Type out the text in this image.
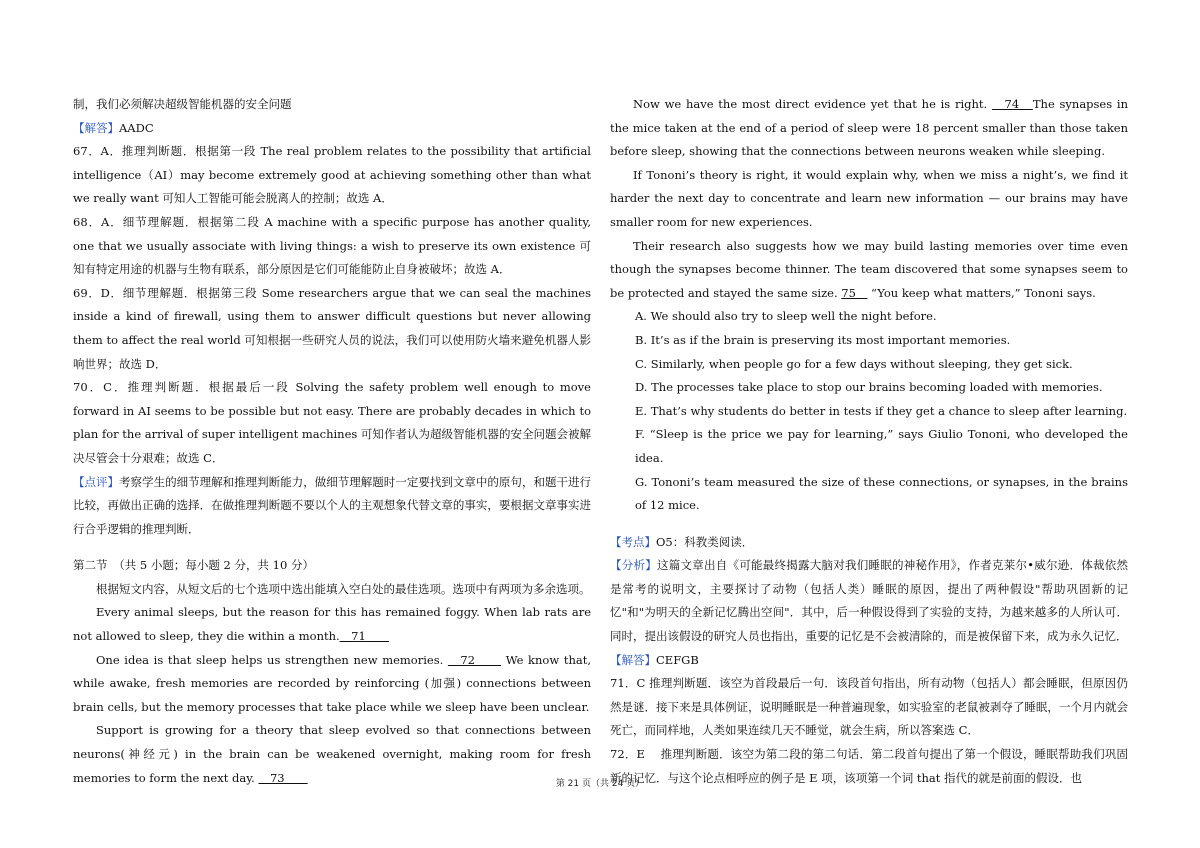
制，我们必须解决超级智能机器的安全问题

【解答】AADC

67．A．推理判断题．根据第一段 The real problem relates to the possibility that artificial intelligence（AI）may become extremely good at achieving something other than what we really want 可知人工智能可能会脱离人的控制；故选 A．

68．A．细节理解题．根据第二段 A machine with a specific purpose has another quality, one that we usually associate with living things: a wish to preserve its own existence 可知有特定用途的机器与生物有联系，部分原因是它们可能能防止自身被破坏；故选 A．

69．D．细节理解题．根据第三段 Some researchers argue that we can seal the machines inside a kind of firewall, using them to answer difficult questions but never allowing them to affect the real world 可知根据一些研究人员的说法，我们可以使用防火墙来避免机器人影响世界；故选 D．

70．C．推理判断题．根据最后一段 Solving the safety problem well enough to move forward in AI seems to be possible but not easy. There are probably decades in which to plan for the arrival of super intelligent machines 可知作者认为超级智能机器的安全问题会被解决尽管会十分艰难；故选 C．

【点评】考察学生的细节理解和推理判断能力，做细节理解题时一定要找到文章中的原句，和题干进行比较，再做出正确的选择．在做推理判断题不要以个人的主观想象代替文章的事实，要根据文章事实进行合乎逻辑的推理判断．

第二节　（共 5 小题；每小题 2 分，共 10 分）

根据短文内容，从短文后的七个选项中选出能填入空白处的最佳选项。选项中有两项为多余选项。

Every animal sleeps, but the reason for this has remained foggy. When lab rats are not allowed to sleep, they die within a month.＿71＿＿

One idea is that sleep helps us strengthen new memories. ＿72＿＿ We know that, while awake, fresh memories are recorded by reinforcing (加强) connections between brain cells, but the memory processes that take place while we sleep have been unclear.

Support is growing for a theory that sleep evolved so that connections between neurons(神经元) in the brain can be weakened overnight, making room for fresh memories to form the next day. ＿73＿＿

Now we have the most direct evidence yet that he is right. ＿74＿The synapses in the mice taken at the end of a period of sleep were 18 percent smaller than those taken before sleep, showing that the connections between neurons weaken while sleeping.

If Tononi’s theory is right, it would explain why, when we miss a night’s, we find it harder the next day to concentrate and learn new information — our brains may have smaller room for new experiences.

Their research also suggests how we may build lasting memories over time even though the synapses become thinner. The team discovered that some synapses seem to be protected and stayed the same size. 75＿ “You keep what matters,” Tononi says.

A. We should also try to sleep well the night before.

B. It’s as if the brain is preserving its most important memories.

C. Similarly, when people go for a few days without sleeping, they get sick.

D. The processes take place to stop our brains becoming loaded with memories.

E. That’s why students do better in tests if they get a chance to sleep after learning.

F. “Sleep is the price we pay for learning,” says Giulio Tononi, who developed the idea.

G. Tononi’s team measured the size of these connections, or synapses, in the brains of 12 mice.

【考点】O5：科教类阅读．

【分析】这篇文章出自《可能最终揭露大脑对我们睡眠的神秘作用》，作者克莱尔•威尔逊．体裁依然是常考的说明文，主要探讨了动物（包括人类）睡眠的原因，提出了两种假设"帮助巩固新的记忆"和"为明天的全新记忆腾出空间"．其中，后一种假设得到了实验的支持，为越来越多的人所认可．同时，提出该假设的研究人员也指出，重要的记忆是不会被清除的，而是被保留下来，成为永久记忆．

【解答】CEFGB

71．C 推理判断题．该空为首段最后一句．该段首句指出，所有动物（包括人）都会睡眠，但原因仍然是谜．接下来是具体例证，说明睡眠是一种普遍现象，如实验室的老鼠被剥夺了睡眠，一个月内就会死亡，而同样地，人类如果连续几天不睡觉，就会生病，所以答案选 C．

72．E　 推理判断题．该空为第二段的第二句话．第二段首句提出了第一个假设，睡眠帮助我们巩固新的记忆．与这个论点相呼应的例子是 E 项，该项第一个词 that 指代的就是前面的假设．也

第 21 页（共 24 页）
